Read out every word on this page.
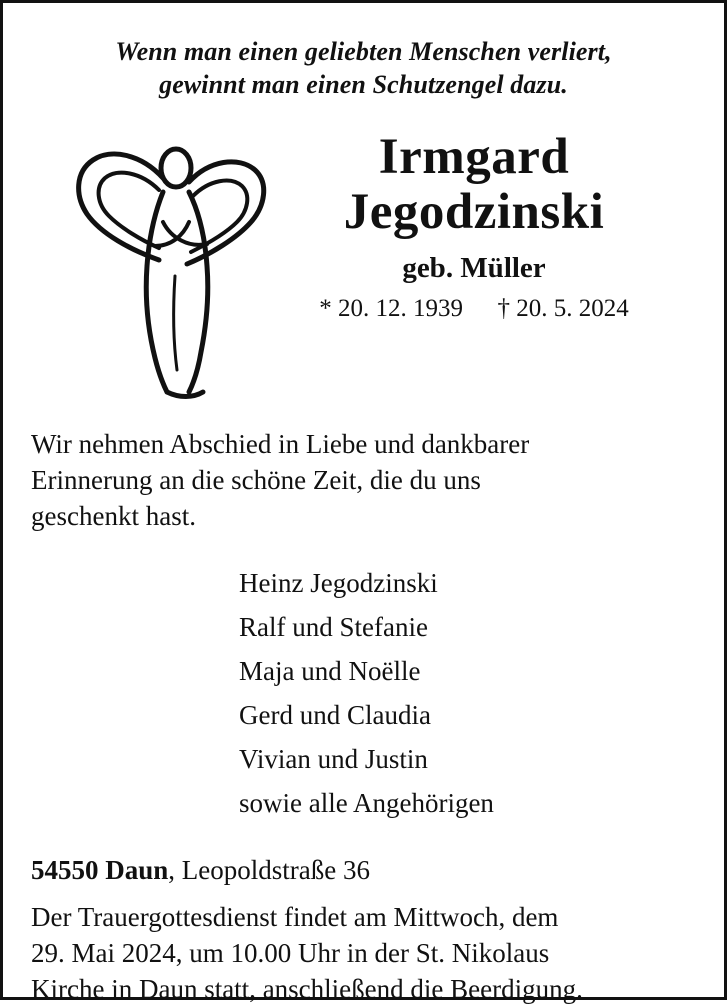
Wenn man einen geliebten Menschen verliert,
gewinnt man einen Schutzengel dazu.
Irmgard
Jegodzinski
geb. Müller
* 20. 12. 1939 † 20. 5. 2024
Wir nehmen Abschied in Liebe und dankbarer
Erinnerung an die schöne Zeit, die du uns
geschenkt hast.
Heinz Jegodzinski
Ralf und Stefanie
Maja und Noëlle
Gerd und Claudia
Vivian und Justin
sowie alle Angehörigen
54550 Daun, Leopoldstraße 36
Der Trauergottesdienst findet am Mittwoch, dem
29. Mai 2024, um 10.00 Uhr in der St. Nikolaus
Kirche in Daun statt, anschließend die Beerdigung.
